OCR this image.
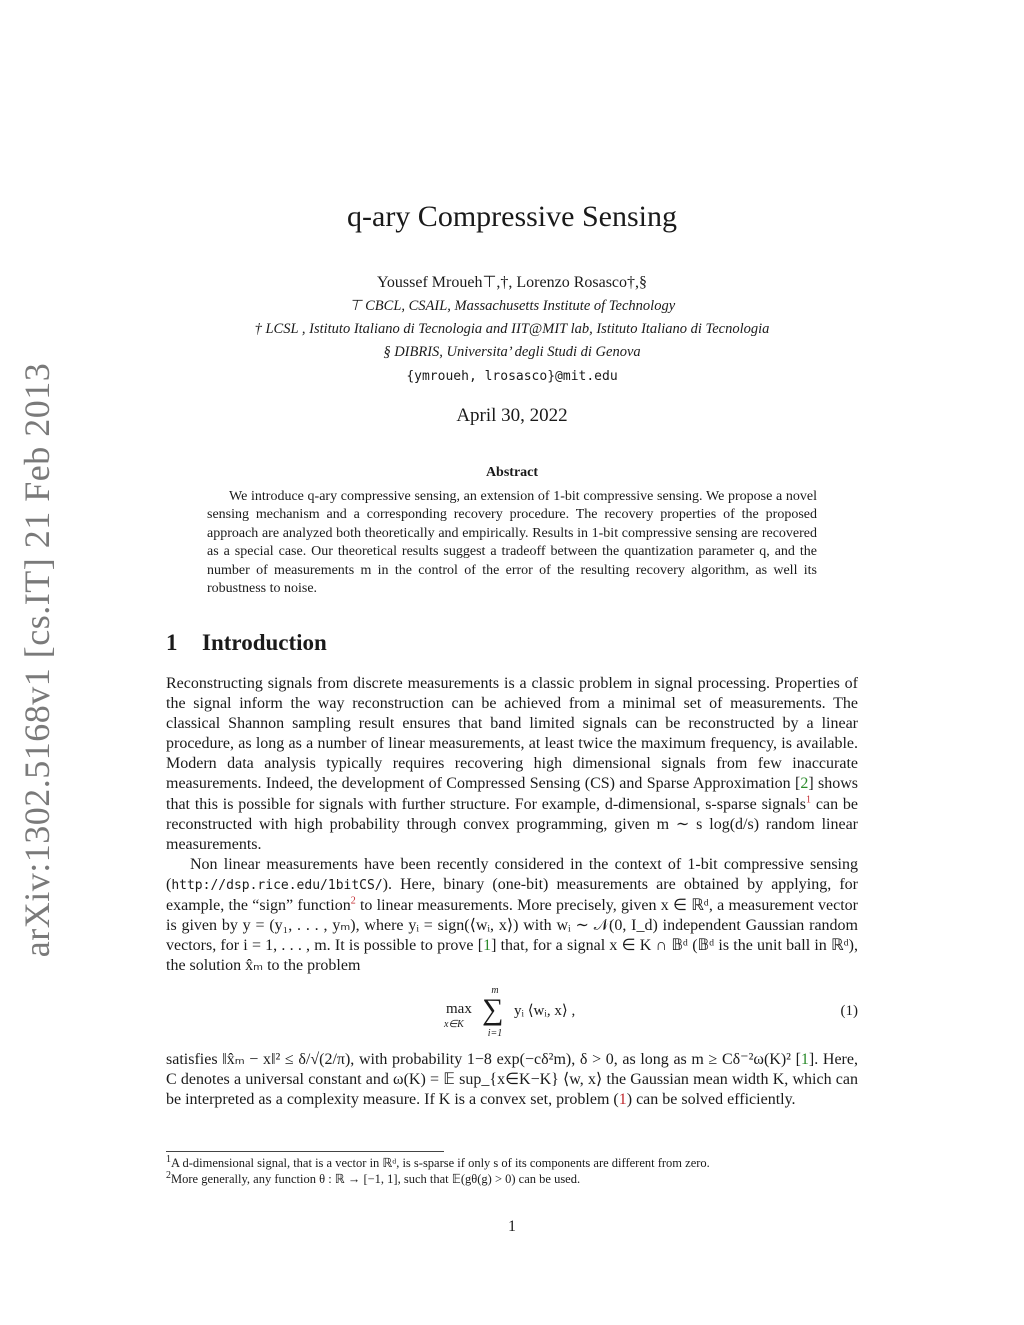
arXiv:1302.5168v1 [cs.IT] 21 Feb 2013
q-ary Compressive Sensing
Youssef Mroueh⊤,†, Lorenzo Rosasco†,§
⊤ CBCL, CSAIL, Massachusetts Institute of Technology
† LCSL , Istituto Italiano di Tecnologia and IIT@MIT lab, Istituto Italiano di Tecnologia
§ DIBRIS, Universita’ degli Studi di Genova
{ymroueh, lrosasco}@mit.edu
April 30, 2022
Abstract

We introduce q-ary compressive sensing, an extension of 1-bit compressive sensing. We propose a novel sensing mechanism and a corresponding recovery procedure. The recovery properties of the proposed approach are analyzed both theoretically and empirically. Results in 1-bit compressive sensing are recovered as a special case. Our theoretical results suggest a tradeoff between the quantization parameter q, and the number of measurements m in the control of the error of the resulting recovery algorithm, as well its robustness to noise.

1 Introduction

Reconstructing signals from discrete measurements is a classic problem in signal processing. Properties of the signal inform the way reconstruction can be achieved from a minimal set of measurements. The classical Shannon sampling result ensures that band limited signals can be reconstructed by a linear procedure, as long as a number of linear measurements, at least twice the maximum frequency, is available. Modern data analysis typically requires recovering high dimensional signals from few inaccurate measurements. Indeed, the development of Compressed Sensing (CS) and Sparse Approximation [2] shows that this is possible for signals with further structure. For example, d-dimensional, s-sparse signals$^1$ can be reconstructed with high probability through convex programming, given m ∼ s log(d/s) random linear measurements.

Non linear measurements have been recently considered in the context of 1-bit compressive sensing (http://dsp.rice.edu/1bitCS/). Here, binary (one-bit) measurements are obtained by applying, for example, the “sign” function$^2$ to linear measurements. More precisely, given x ∈ ℝᵈ, a measurement vector is given by y = (y₁, . . . , yₘ), where yᵢ = sign(⟨wᵢ, x⟩) with wᵢ ∼ 𝒩(0, I_d) independent Gaussian random vectors, for i = 1, . . . , m. It is possible to prove [1] that, for a signal x ∈ K ∩ 𝔹ᵈ (𝔹ᵈ is the unit ball in ℝᵈ), the solution x̂ₘ to the problem

max
x∈K
m
∑
i=1
yᵢ ⟨wᵢ, x⟩ ,	(1)

satisfies ‖x̂ₘ − x‖² ≤ δ/√(2/π), with probability 1−8 exp(−cδ²m), δ > 0, as long as m ≥ Cδ⁻²ω(K)² [1]. Here, C denotes a universal constant and ω(K) = 𝔼 sup_{x∈K−K} ⟨w, x⟩ the Gaussian mean width K, which can be interpreted as a complexity measure. If K is a convex set, problem (1) can be solved efficiently.

$^1$A d-dimensional signal, that is a vector in ℝᵈ, is s-sparse if only s of its components are different from zero.
$^2$More generally, any function θ : ℝ → [−1, 1], such that 𝔼(gθ(g) > 0) can be used.
1
